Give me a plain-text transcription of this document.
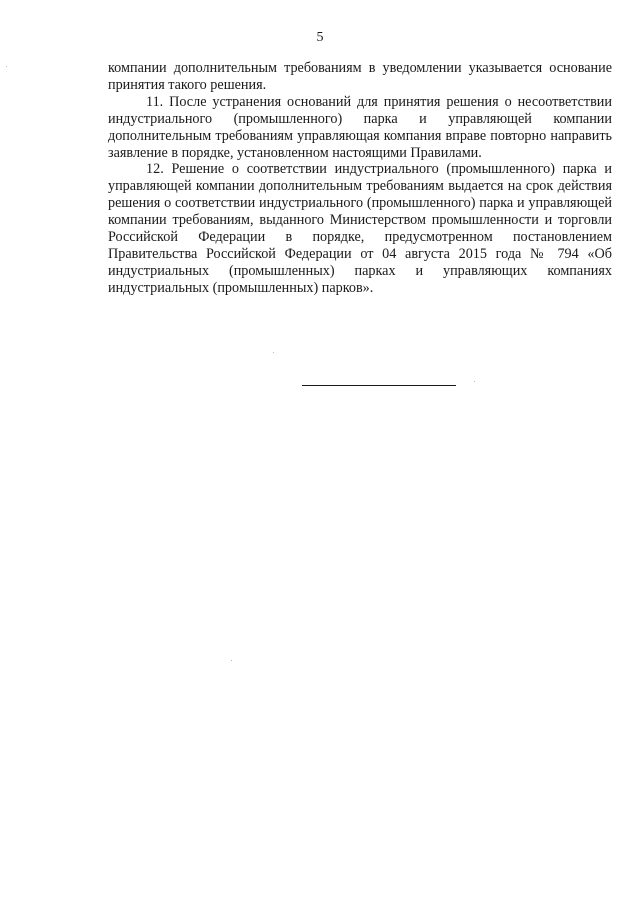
5

компании дополнительным требованиям в уведомлении указывается основание принятия такого решения.

11. После устранения оснований для принятия решения о несоответствии индустриального (промышленного) парка и управляющей компании дополнительным требованиям управляющая компания вправе повторно направить заявление в порядке, установленном настоящими Правилами.

12. Решение о соответствии индустриального (промышленного) парка и управляющей компании дополнительным требованиям выдается на срок действия решения о соответствии индустриального (промышленного) парка и управляющей компании требованиям, выданного Министерством промышленности и торговли Российской Федерации в порядке, предусмотренном постановлением Правительства Российской Федерации от 04 августа 2015 года № 794 «Об индустриальных (промышленных) парках и управляющих компаниях индустриальных (промышленных) парков».
